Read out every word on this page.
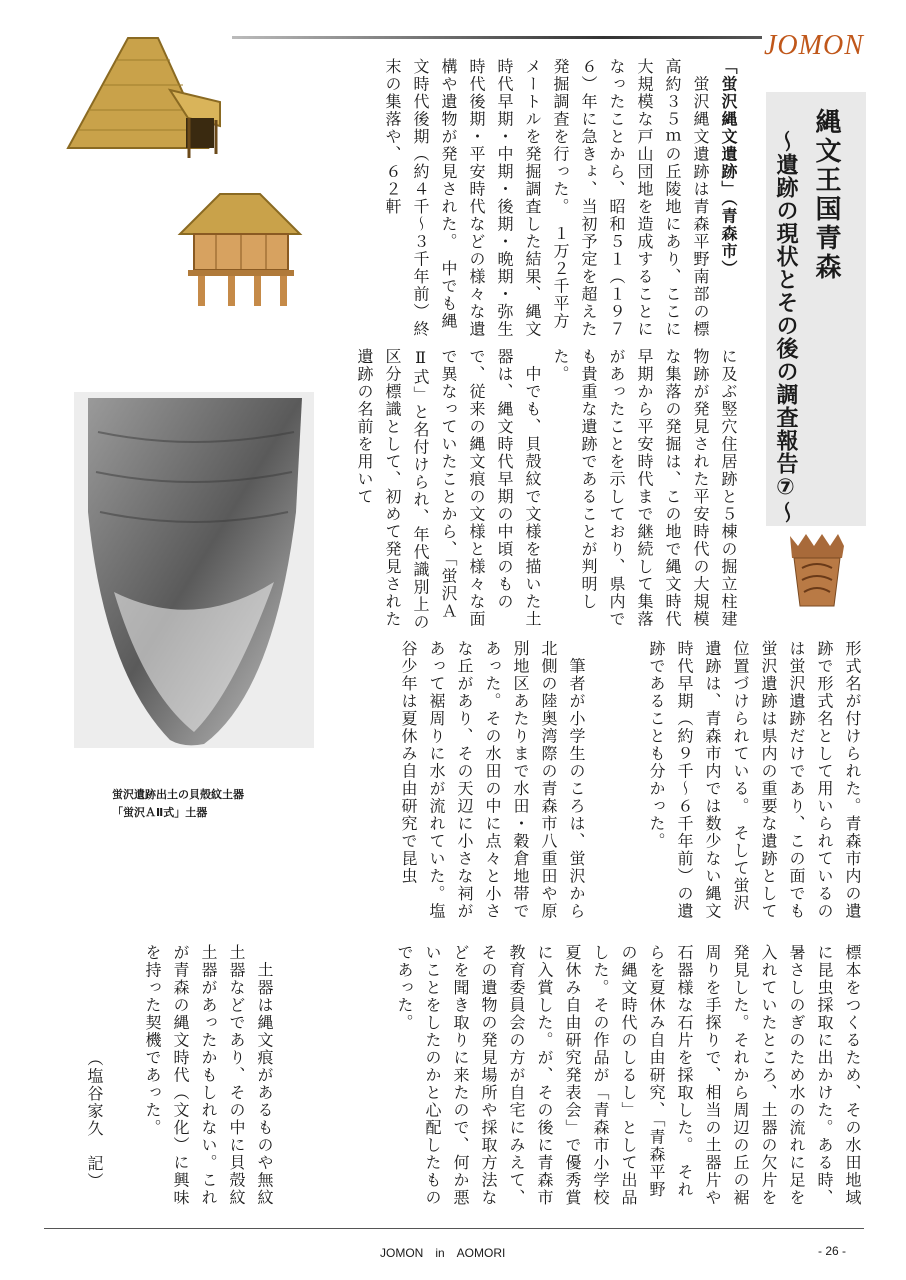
JOMON
縄文王国青森
～遺跡の現状とその後の調査報告⑦～

「蛍沢縄文遺跡」（青森市）

　蛍沢縄文遺跡は青森平野南部の標高約３５ｍの丘陵地にあり、ここに大規模な戸山団地を造成することになったことから、昭和５１（１９７６）年に急きょ、当初予定を超えた発掘調査を行った。　１万２千平方メートルを発掘調査した結果、縄文時代早期・中期・後期・晩期・弥生時代後期・平安時代などの様々な遺構や遺物が発見された。　中でも縄文時代後期（約４千～３千年前）終末の集落や、６２軒

に及ぶ竪穴住居跡と５棟の掘立柱建物跡が発見された平安時代の大規模な集落の発掘は、この地で縄文時代早期から平安時代まで継続して集落があったことを示しており、県内でも貴重な遺跡であることが判明した。

　中でも、貝殻紋で文様を描いた土器は、縄文時代早期の中頃のもので、従来の縄文痕の文様と様々な面で異なっていたことから、「蛍沢ＡⅡ式」と名付けられ、年代識別上の区分標識として、初めて発見された遺跡の名前を用いて

形式名が付けられた。青森市内の遺跡で形式名として用いられているのは蛍沢遺跡だけであり、この面でも蛍沢遺跡は県内の重要な遺跡として位置づけられている。　そして蛍沢遺跡は、青森市内では数少ない縄文時代早期（約９千～６千年前）の遺跡であることも分かった。

蛍沢遺跡出土の貝殻紋土器
「蛍沢ＡⅡ式」土器	　筆者が小学生のころは、蛍沢から北側の陸奥湾際の青森市八重田や原別地区あたりまで水田・穀倉地帯であった。その水田の中に点々と小さな丘があり、その天辺に小さな祠があって裾周りに水が流れていた。塩谷少年は夏休み自由研究で昆虫

標本をつくるため、その水田地域に昆虫採取に出かけた。ある時、暑さしのぎのため水の流れに足を入れていたところ、土器の欠片を発見した。それから周辺の丘の裾周りを手探りで、相当の土器片や石器様な石片を採取した。　それらを夏休み自由研究、「青森平野の縄文時代のしるし」として出品した。その作品が「青森市小学校夏休み自由研究発表会」で優秀賞に入賞した。が、その後に青森市教育委員会の方が自宅にみえて、その遺物の発見場所や採取方法などを聞き取りに来たので、何か悪いことをしたのかと心配したものであった。

　土器は縄文痕があるものや無紋土器などであり、その中に貝殻紋土器があったかもしれない。これが青森の縄文時代（文化）に興味を持った契機であった。

（塩谷家久　記）
JOMON　in　AOMORI	- 26 -
